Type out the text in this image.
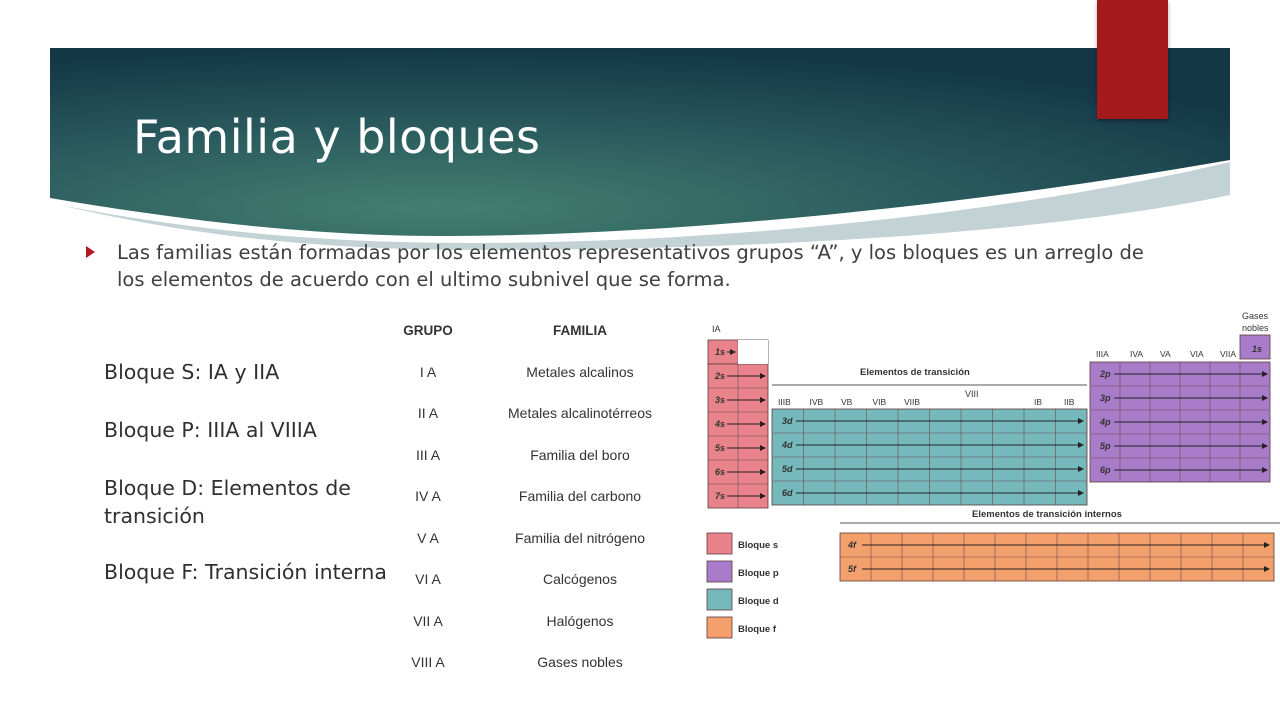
Familia y bloques
Las familias están formadas por los elementos representativos grupos “A”, y los bloques es un arreglo de los elementos de acuerdo con el ultimo subnivel que se forma.
Bloque S: IA y IIA
Bloque P: IIIA al VIIIA
Bloque D: Elementos de transición
Bloque F: Transición interna
GRUPO	FAMILIA
I A	Metales alcalinos
II A	Metales alcalinotérreos
III A	Familia del boro
IV A	Familia del carbono
V A	Familia del nitrógeno
VI A	Calcógenos
VII A	Halógenos
VIII A	Gases nobles
IA
1s
2s
3s
4s
5s
6s
7s
Elementos de transición
VIII
IIIB IVB VB VIB VIIB	IB	IIB
3d
4d
5d
6d
IIIA IVA VA VIA VIIA 1s
Gases
nobles
2p
3p
4p
5p
6p
Elementos de transición internos
4f
5f
Bloque s
Bloque p
Bloque d
Bloque f
